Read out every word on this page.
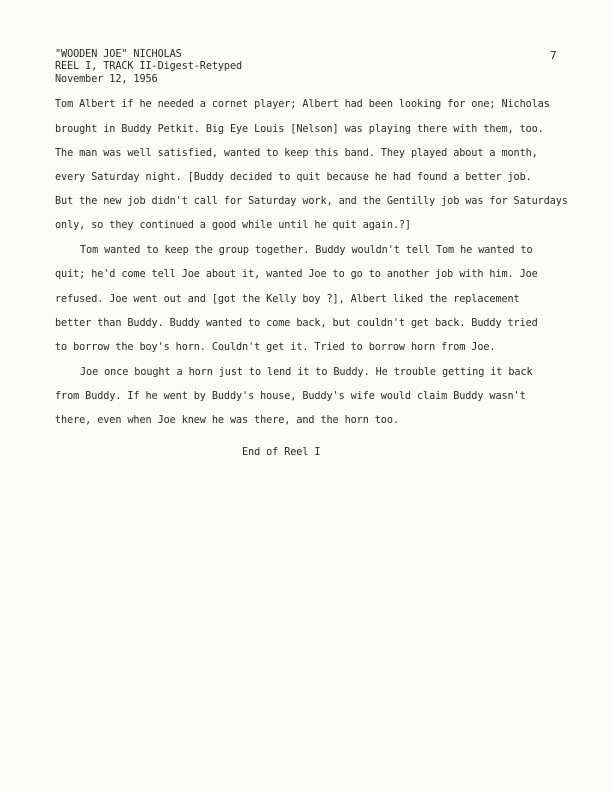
"WOODEN JOE" NICHOLAS
REEL I, TRACK II-Digest-Retyped
November 12, 1956
7
Tom Albert if he needed a cornet player; Albert had been looking for one; Nicholas
brought in Buddy Petkit. Big Eye Louis [Nelson] was playing there with them, too.
The man was well satisfied, wanted to keep this band. They played about a month,
every Saturday night. [Buddy decided to quit because he had found a better job.
But the new job didn't call for Saturday work, and the Gentilly job was for Saturdays
only, so they continued a good while until he quit again.?]
Tom wanted to keep the group together. Buddy wouldn't tell Tom he wanted to
quit; he'd come tell Joe about it, wanted Joe to go to another job with him. Joe
refused. Joe went out and [got the Kelly boy ?], Albert liked the replacement
better than Buddy. Buddy wanted to come back, but couldn't get back. Buddy tried
to borrow the boy's horn. Couldn't get it. Tried to borrow horn from Joe.
Joe once bought a horn just to lend it to Buddy. He trouble getting it back
from Buddy. If he went by Buddy's house, Buddy's wife would claim Buddy wasn't
there, even when Joe knew he was there, and the horn too.
End of Reel I
